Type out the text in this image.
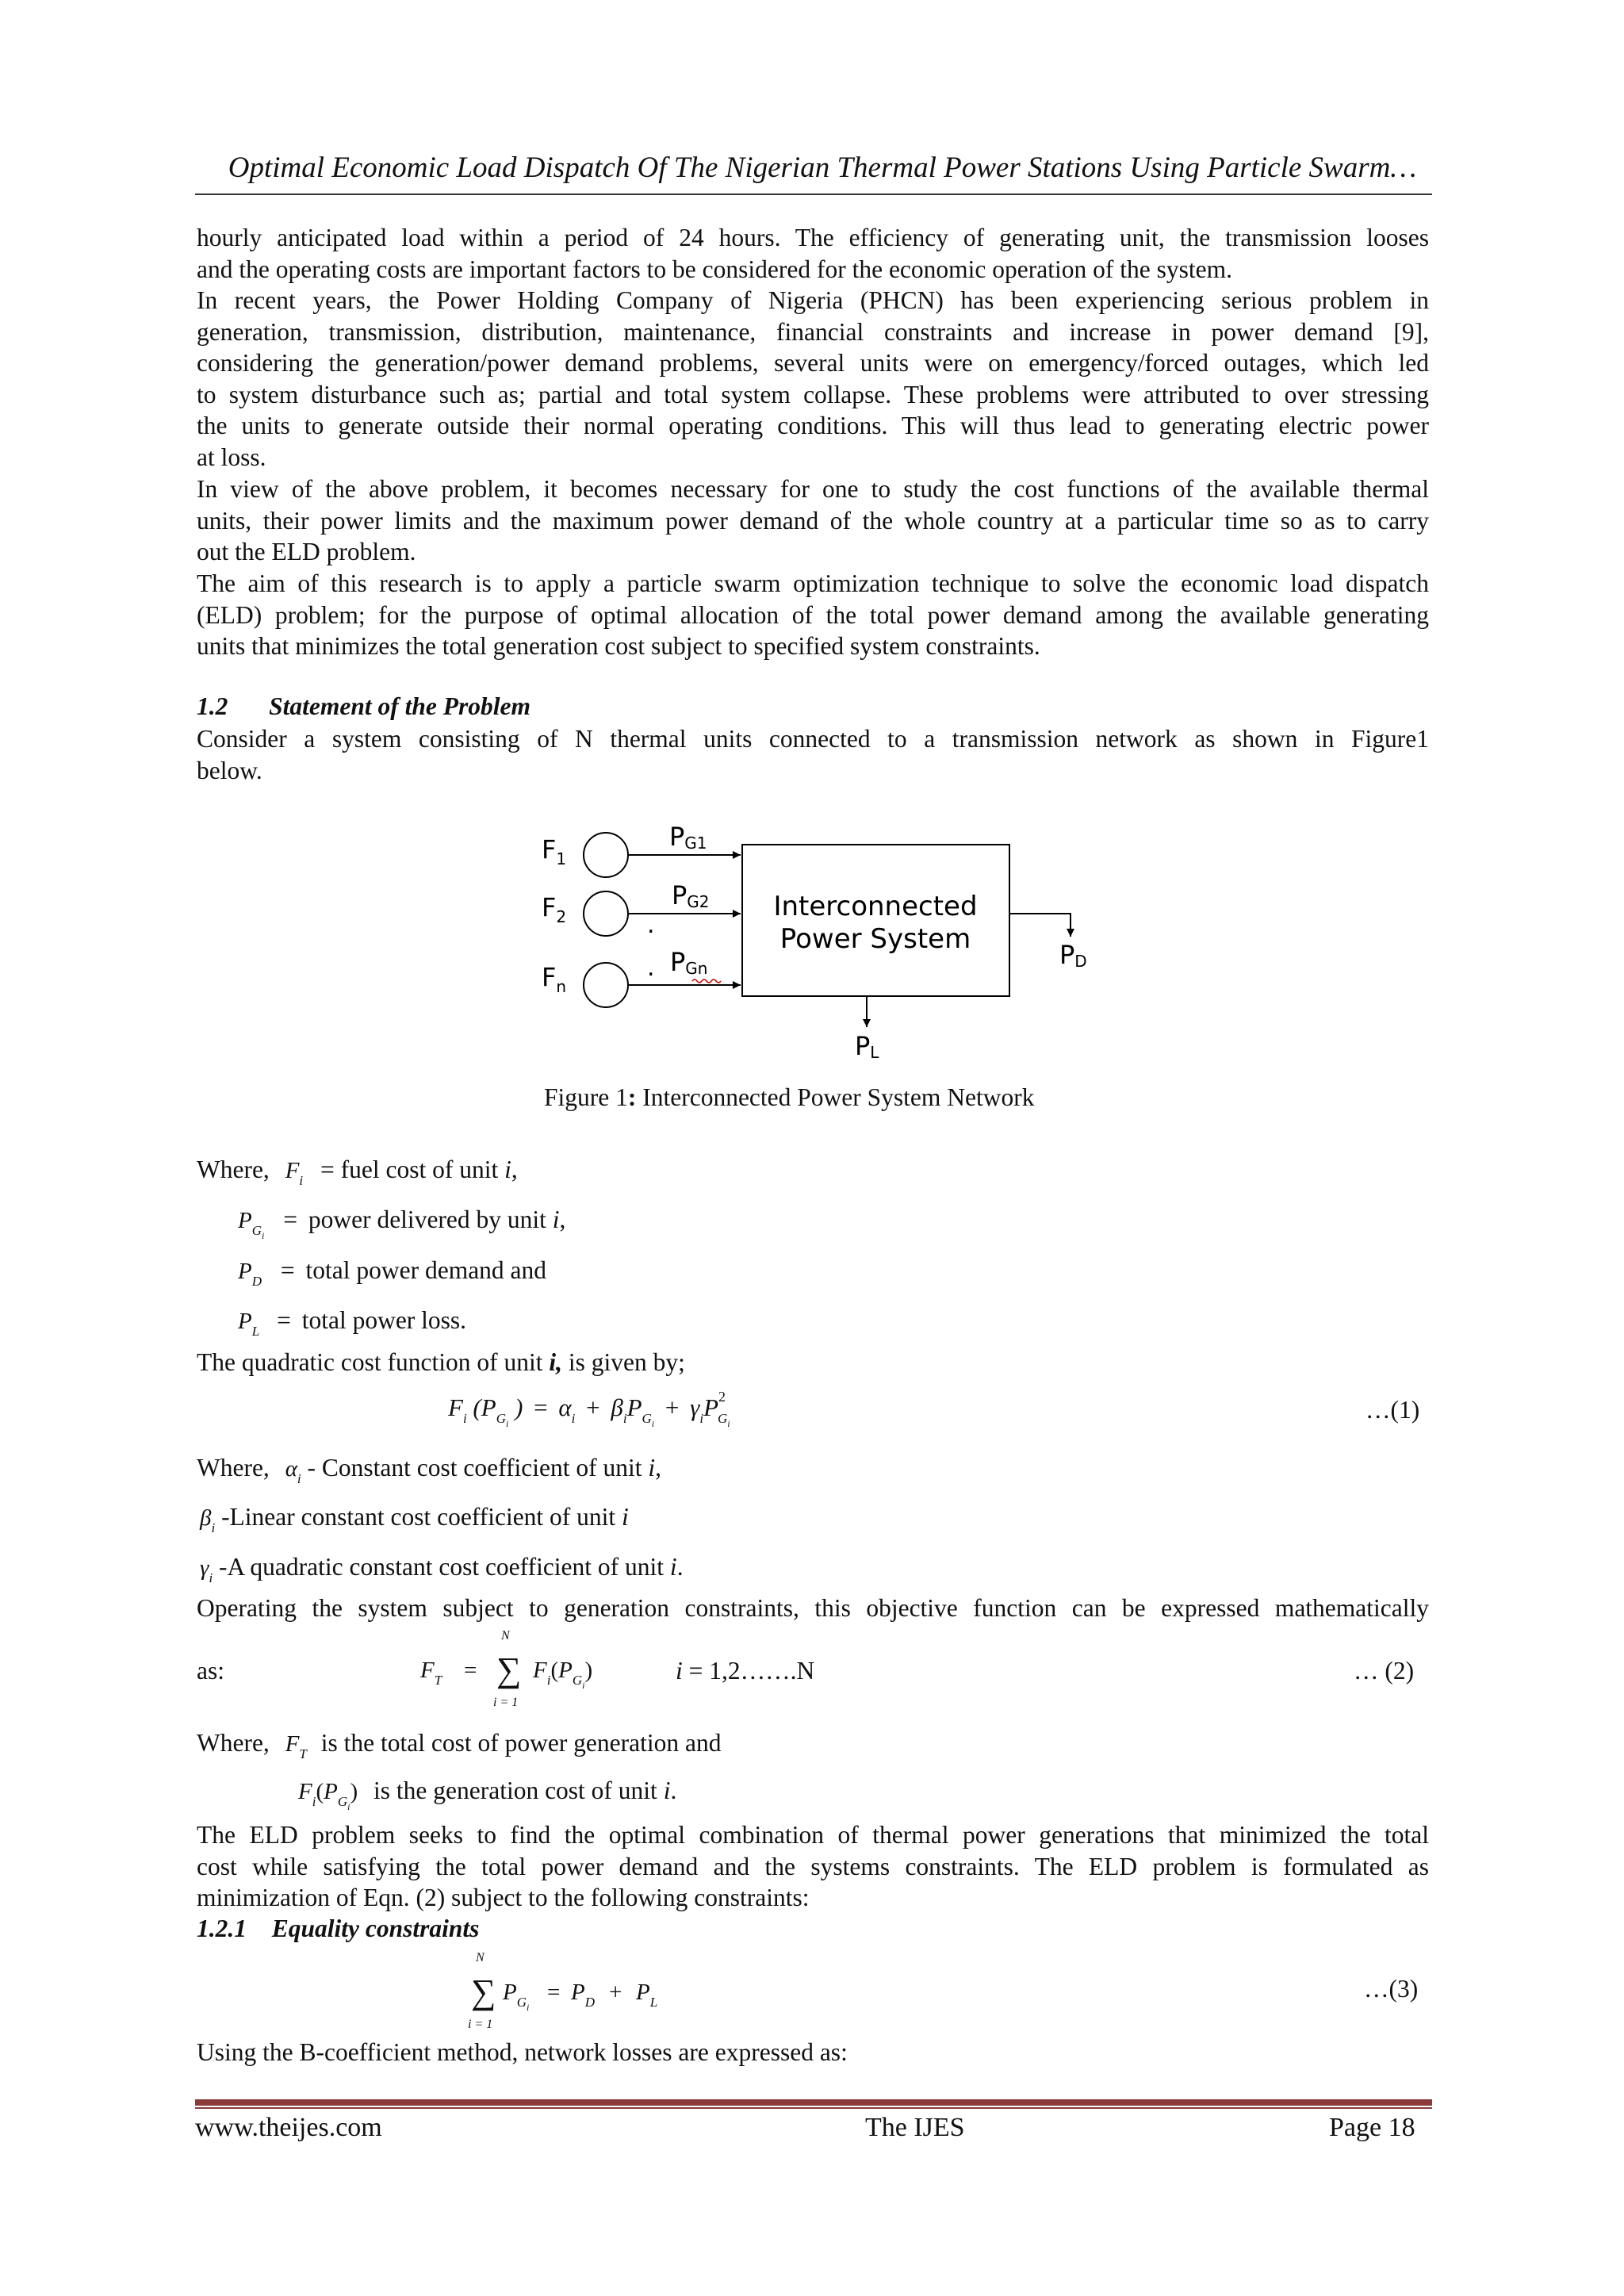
Optimal Economic Load Dispatch Of The Nigerian Thermal Power Stations Using Particle Swarm…
hourly anticipated load within a period of 24 hours. The efficiency of generating unit, the transmission looses
and the operating costs are important factors to be considered for the economic operation of the system.
In recent years, the Power Holding Company of Nigeria (PHCN) has been experiencing serious problem in
generation, transmission, distribution, maintenance, financial constraints and increase in power demand [9],
considering the generation/power demand problems, several units were on emergency/forced outages, which led
to system disturbance such as; partial and total system collapse. These problems were attributed to over stressing
the units to generate outside their normal operating conditions. This will thus lead to generating electric power
at loss.
In view of the above problem, it becomes necessary for one to study the cost functions of the available thermal
units, their power limits and the maximum power demand of the whole country at a particular time so as to carry
out the ELD problem.
The aim of this research is to apply a particle swarm optimization technique to solve the economic load dispatch
(ELD) problem; for the purpose of optimal allocation of the total power demand among the available generating
units that minimizes the total generation cost subject to specified system constraints.
1.2 Statement of the Problem
Consider a system consisting of N thermal units connected to a transmission network as shown in Figure1
below.
Interconnected
Power System
$F_1$
PG1
$F_2$
PG2
.
$F_n$
. PGn	PD
PL
Figure 1: Interconnected Power System Network
Where, $F_i$ = fuel cost of unit i,
$P_{Gi}$ = power delivered by unit i,
$P_D$ = total power demand and
$P_L$ = total power loss.
The quadratic cost function of unit i, is given by;
$F_i$ ($P_{Gi}$ ) = $\alpha_i + \beta_iP_{Gi} + \gamma_iP^2_{Gi}$	…(1)
Where, $\alpha_i$ - Constant cost coefficient of unit i,
$\beta_i$ -Linear constant cost coefficient of unit i
$\gamma_i$ -A quadratic constant cost coefficient of unit i.
Operating the system subject to generation constraints, this objective function can be expressed mathematically
as:	$F_T$ =
N
∑
i = 1
$F_i(P_{Gi})$	i = 1,2…….N	… (2)
Where, $F_T$ is the total cost of power generation and
$F_i(P_{Gi})$ is the generation cost of unit i.
The ELD problem seeks to find the optimal combination of thermal power generations that minimized the total
cost while satisfying the total power demand and the systems constraints. The ELD problem is formulated as
minimization of Eqn. (2) subject to the following constraints:
1.2.1 Equality constraints
N
∑
i = 1
$P_{Gi}$
= $P_D + P_L$	…(3)
Using the B-coefficient method, network losses are expressed as:
www.theijes.com	The IJES	Page 18
